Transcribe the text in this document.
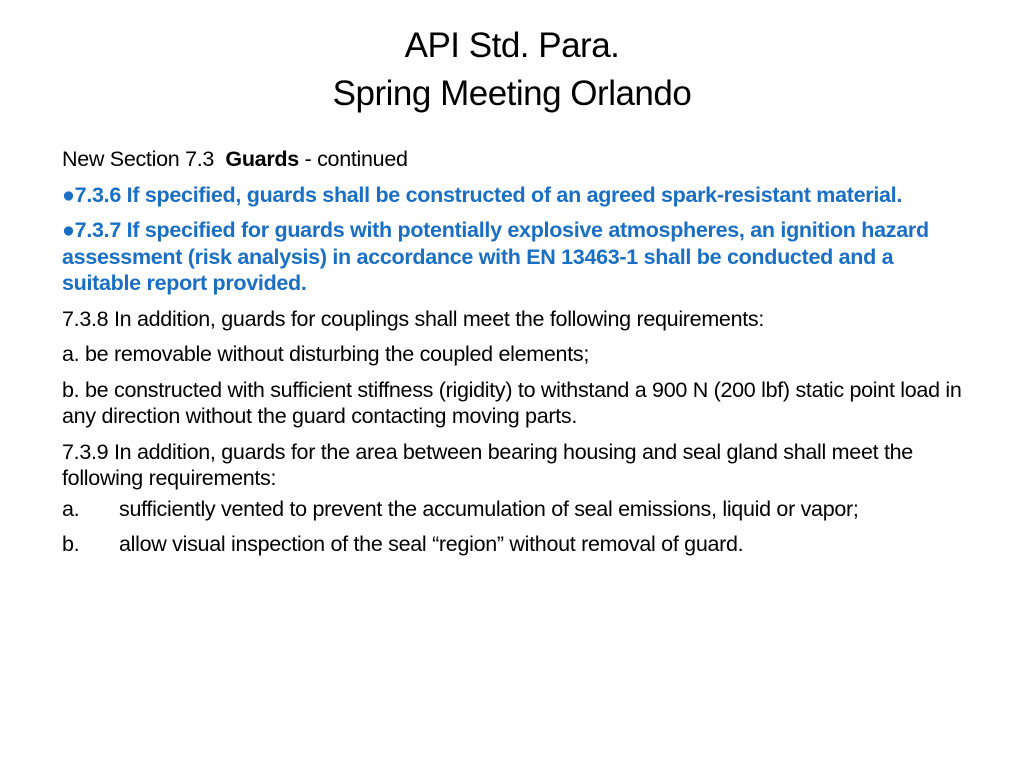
API Std. Para.
Spring Meeting Orlando
New Section 7.3  Guards - continued
●7.3.6 If specified, guards shall be constructed of an agreed spark-resistant material.
●7.3.7 If specified for guards with potentially explosive atmospheres, an ignition hazard assessment (risk analysis) in accordance with EN 13463-1 shall be conducted and a suitable report provided.
7.3.8 In addition, guards for couplings shall meet the following requirements:
a. be removable without disturbing the coupled elements;
b. be constructed with sufficient stiffness (rigidity) to withstand a 900 N (200 lbf) static point load in any direction without the guard contacting moving parts.
7.3.9 In addition, guards for the area between bearing housing and seal gland shall meet the following requirements:
a.	sufficiently vented to prevent the accumulation of seal emissions, liquid or vapor;
b.	allow visual inspection of the seal “region” without removal of guard.
